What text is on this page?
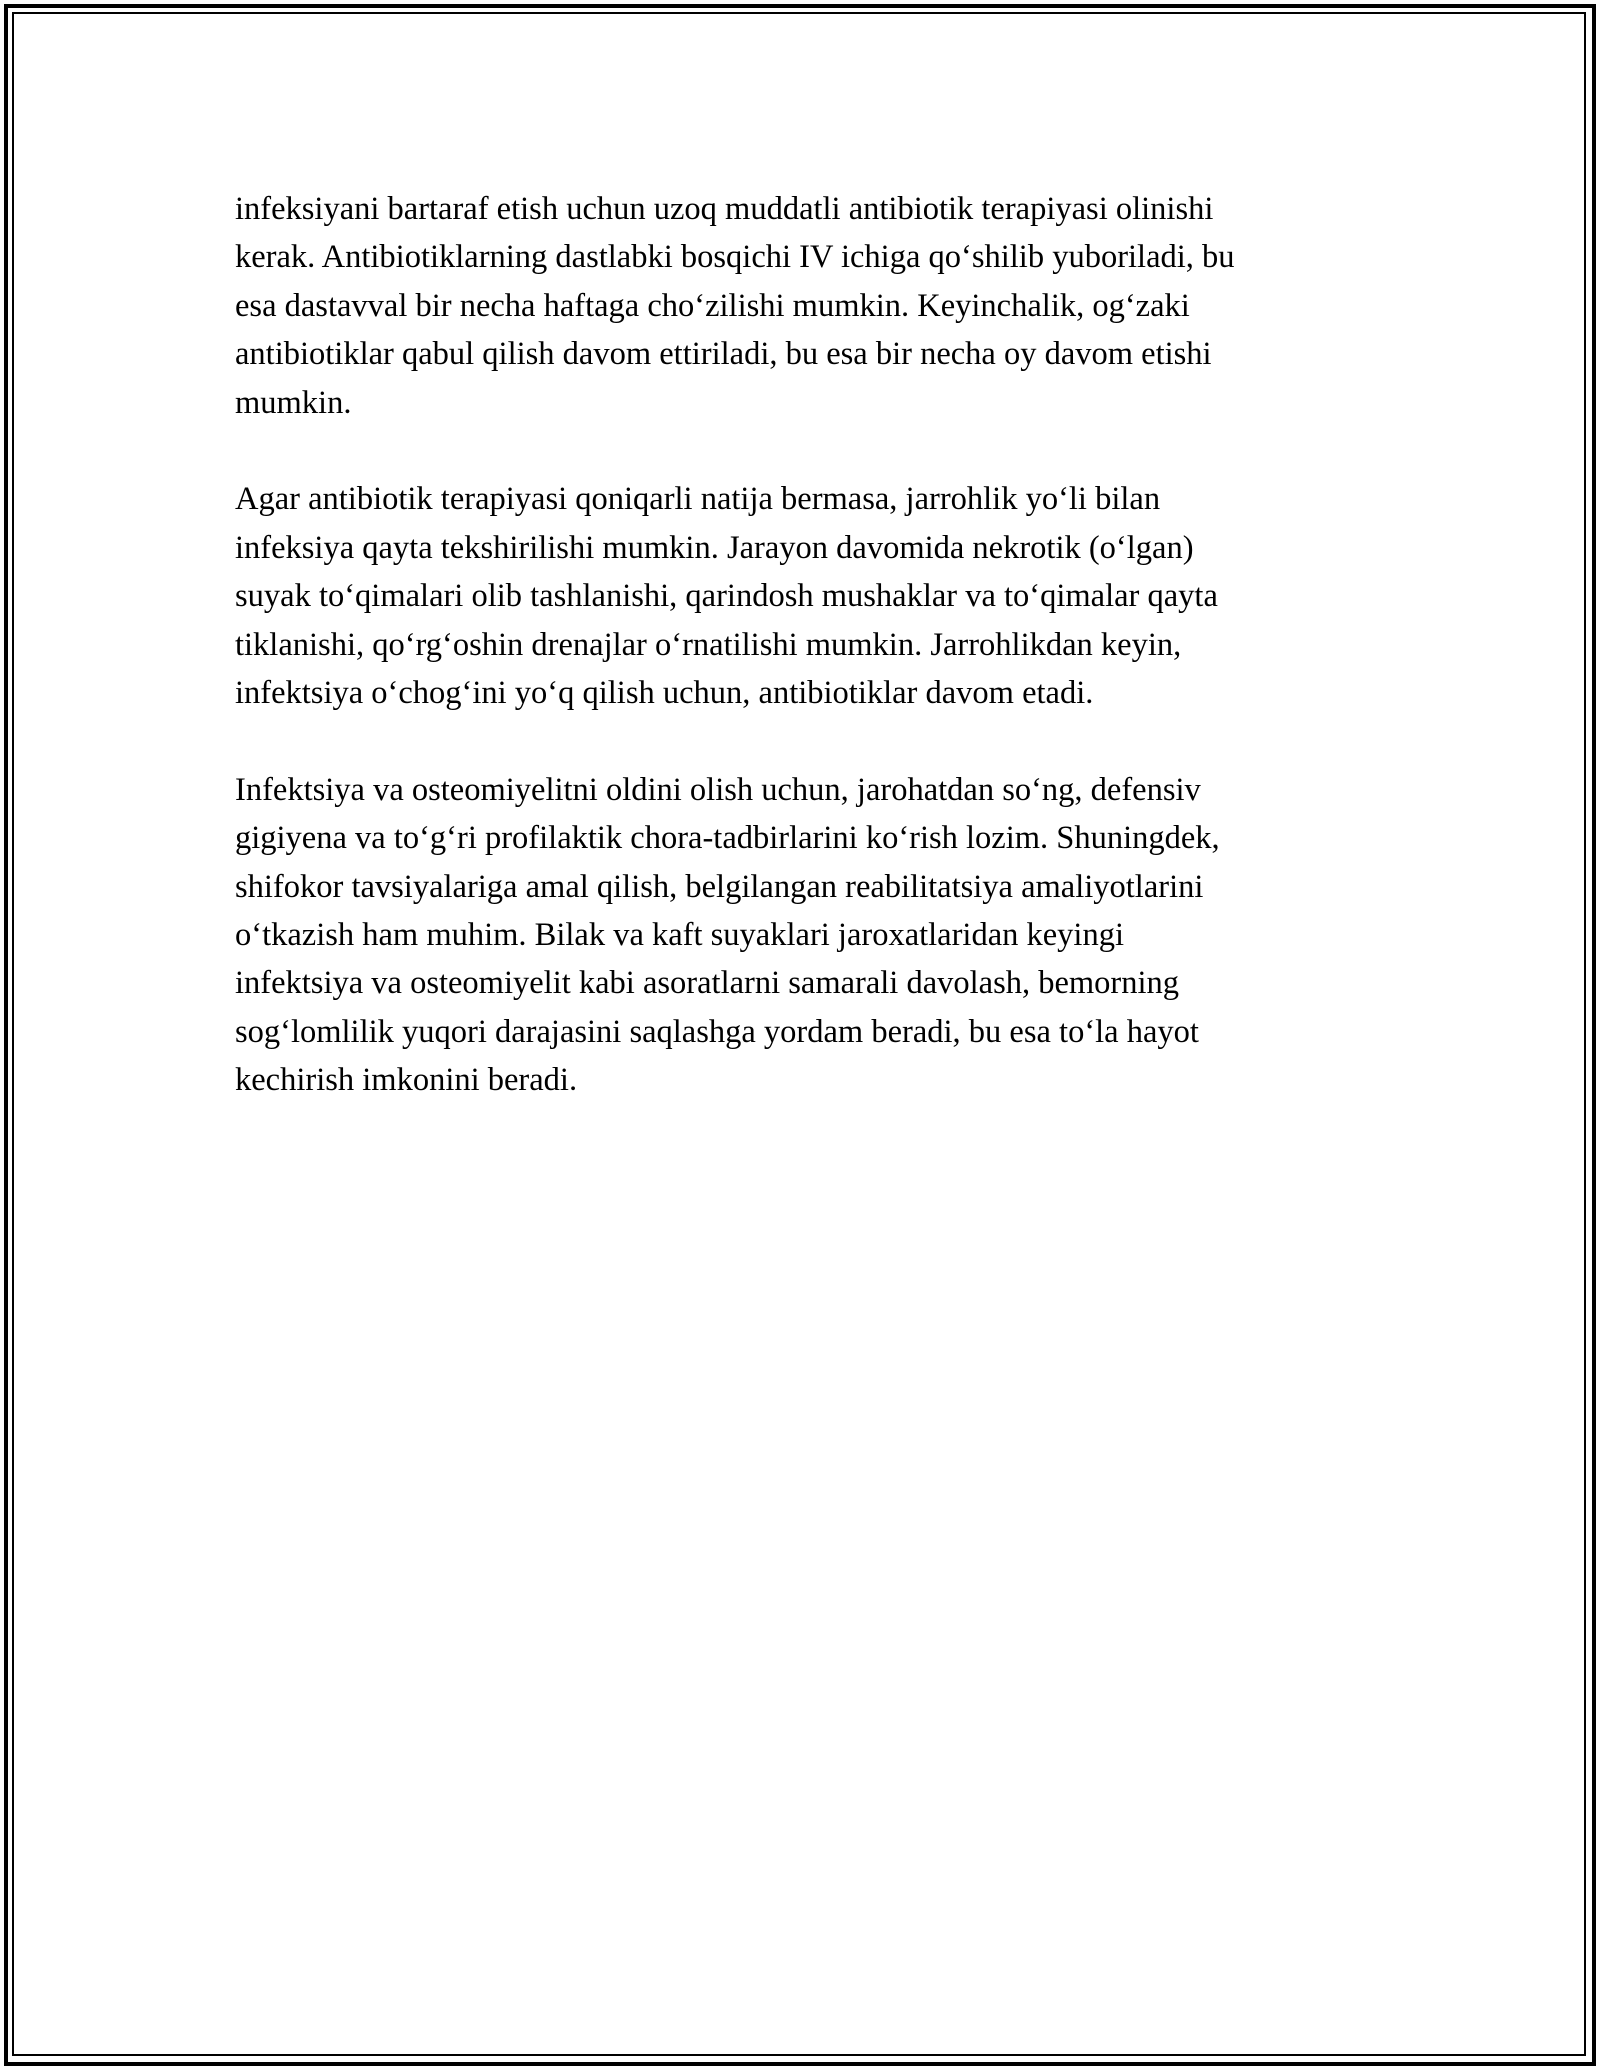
infeksiyani bartaraf etish uchun uzoq muddatli antibiotik terapiyasi olinishi
kerak. Antibiotiklarning dastlabki bosqichi IV ichiga qo‘shilib yuboriladi, bu
esa dastavval bir necha haftaga cho‘zilishi mumkin. Keyinchalik, og‘zaki
antibiotiklar qabul qilish davom ettiriladi, bu esa bir necha oy davom etishi
mumkin.

Agar antibiotik terapiyasi qoniqarli natija bermasa, jarrohlik yo‘li bilan
infeksiya qayta tekshirilishi mumkin. Jarayon davomida nekrotik (o‘lgan)
suyak to‘qimalari olib tashlanishi, qarindosh mushaklar va to‘qimalar qayta
tiklanishi, qo‘rg‘oshin drenajlar o‘rnatilishi mumkin. Jarrohlikdan keyin,
infektsiya o‘chog‘ini yo‘q qilish uchun, antibiotiklar davom etadi.

Infektsiya va osteomiyelitni oldini olish uchun, jarohatdan so‘ng, defensiv
gigiyena va to‘g‘ri profilaktik chora-tadbirlarini ko‘rish lozim. Shuningdek,
shifokor tavsiyalariga amal qilish, belgilangan reabilitatsiya amaliyotlarini
o‘tkazish ham muhim. Bilak va kaft suyaklari jaroxatlaridan keyingi
infektsiya va osteomiyelit kabi asoratlarni samarali davolash, bemorning
sog‘lomlilik yuqori darajasini saqlashga yordam beradi, bu esa to‘la hayot
kechirish imkonini beradi.
